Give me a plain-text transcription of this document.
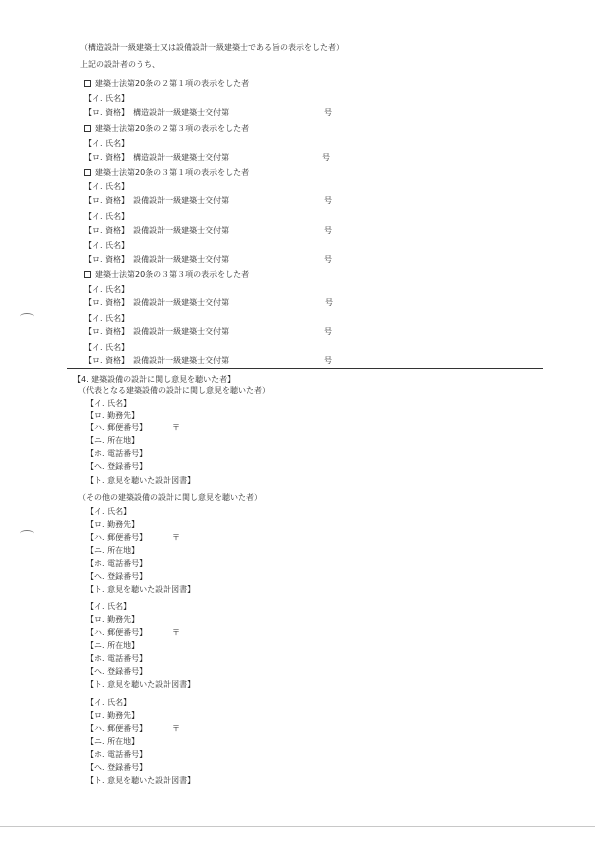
（構造設計一級建築士又は設備設計一級建築士である旨の表示をした者）
上記の設計者のうち、
建築士法第20条の２第１項の表示をした者
【イ. 氏名】
【ロ. 資格】　構造設計一級建築士交付第	号
建築士法第20条の２第３項の表示をした者
【イ. 氏名】
【ロ. 資格】　構造設計一級建築士交付第	号
建築士法第20条の３第１項の表示をした者
【イ. 氏名】
【ロ. 資格】　設備設計一級建築士交付第	号
【イ. 氏名】
【ロ. 資格】　設備設計一級建築士交付第	号
【イ. 氏名】
【ロ. 資格】　設備設計一級建築士交付第	号
建築士法第20条の３第３項の表示をした者
【イ. 氏名】
【ロ. 資格】　設備設計一級建築士交付第	号
【イ. 氏名】
【ロ. 資格】　設備設計一級建築士交付第	号
【イ. 氏名】
【ロ. 資格】　設備設計一級建築士交付第	号
【4. 建築設備の設計に関し意見を聴いた者】
（代表となる建築設備の設計に関し意見を聴いた者）
【イ. 氏名】
【ロ. 勤務先】
【ハ. 郵便番号】	〒
【ニ. 所在地】
【ホ. 電話番号】
【ヘ. 登録番号】
【ト. 意見を聴いた設計図書】
（その他の建築設備の設計に関し意見を聴いた者）
【イ. 氏名】
【ロ. 勤務先】
【ハ. 郵便番号】	〒
【ニ. 所在地】
【ホ. 電話番号】
【ヘ. 登録番号】
【ト. 意見を聴いた設計図書】
【イ. 氏名】
【ロ. 勤務先】
【ハ. 郵便番号】	〒
【ニ. 所在地】
【ホ. 電話番号】
【ヘ. 登録番号】
【ト. 意見を聴いた設計図書】
【イ. 氏名】
【ロ. 勤務先】
【ハ. 郵便番号】	〒
【ニ. 所在地】
【ホ. 電話番号】
【ヘ. 登録番号】
【ト. 意見を聴いた設計図書】
